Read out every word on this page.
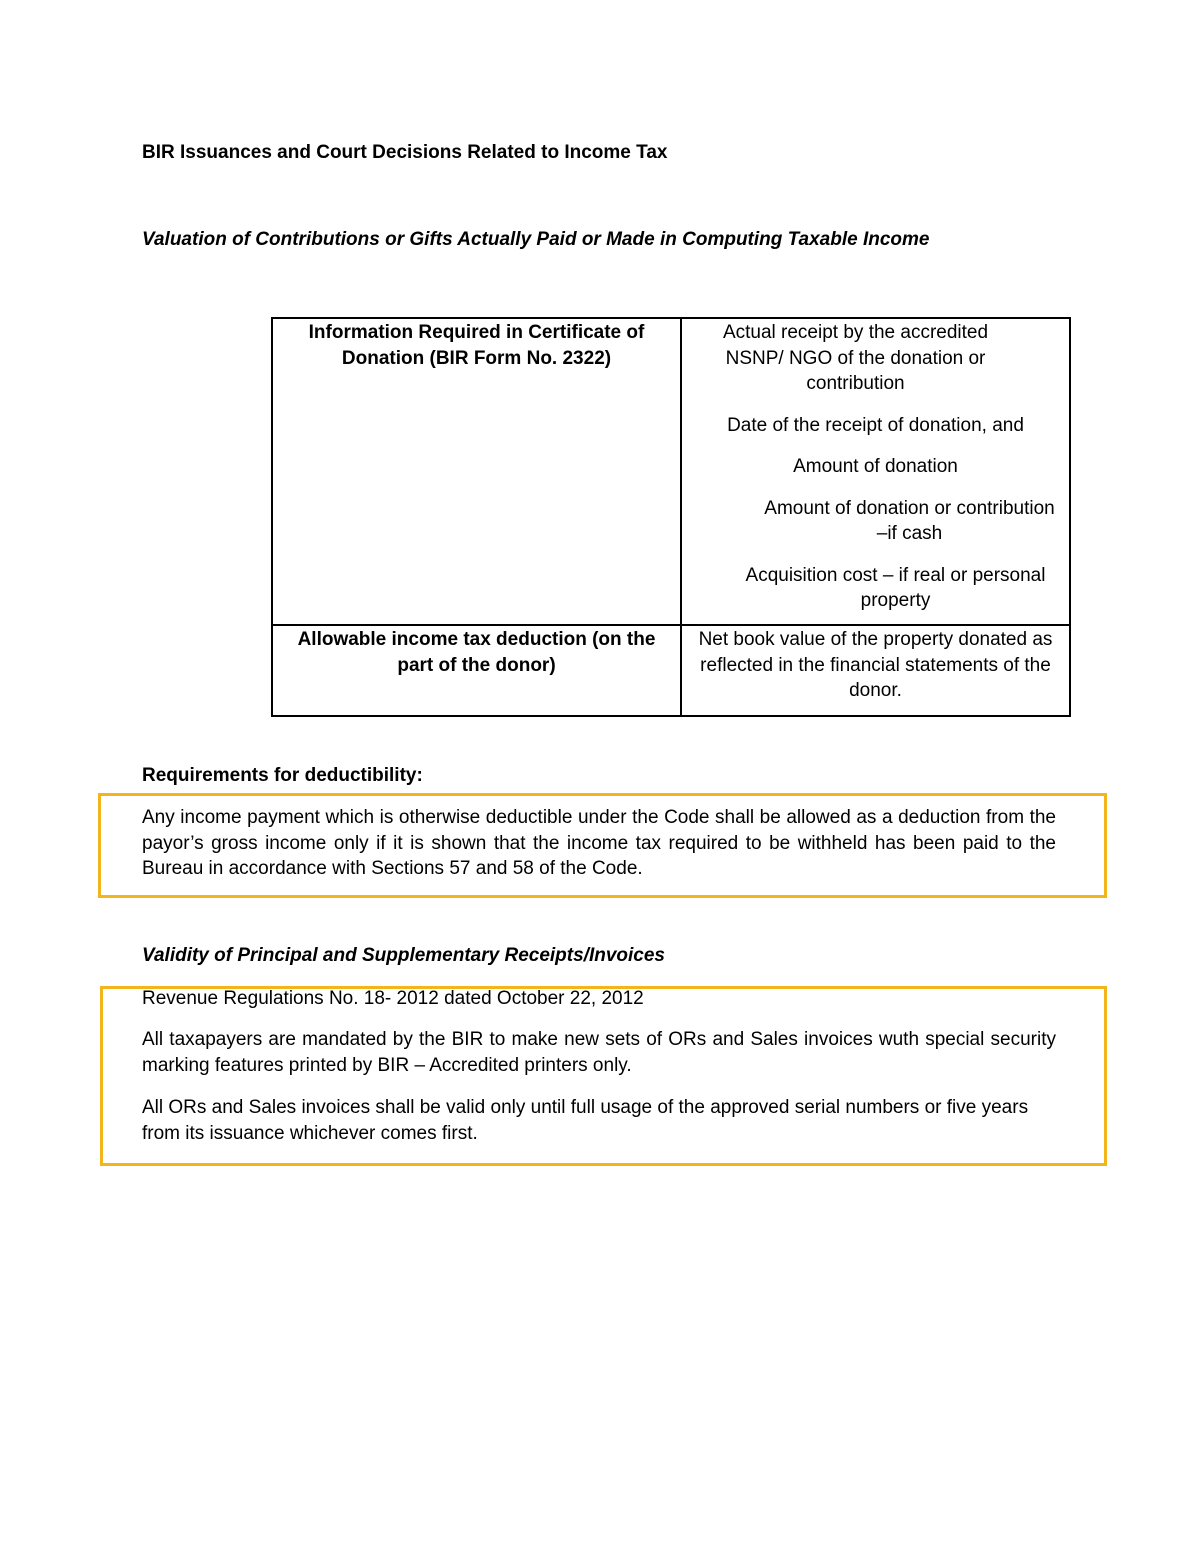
BIR Issuances and Court Decisions Related to Income Tax
Valuation of Contributions or Gifts Actually Paid or Made in Computing Taxable Income
Information Required in Certificate of Donation (BIR Form No. 2322)	Actual receipt by the accredited NSNP/ NGO of the donation or contribution

Date of the receipt of donation, and

Amount of donation

Amount of donation or contribution –if cash

Acquisition cost – if real or personal property

Allowable income tax deduction (on the part of the donor)	Net book value of the property donated as reflected in the financial statements of the donor.

Requirements for deductibility:

Any income payment which is otherwise deductible under the Code shall be allowed as a deduction from the payor’s gross income only if it is shown that the income tax required to be withheld has been paid to the Bureau in accordance with Sections 57 and 58 of the Code.

Validity of Principal and Supplementary Receipts/Invoices

Revenue Regulations No. 18- 2012 dated October 22, 2012

All taxapayers are mandated by the BIR to make new sets of ORs and Sales invoices wuth special security marking features printed by BIR – Accredited printers only.

All ORs and Sales invoices shall be valid only until full usage of the approved serial numbers or five years from its issuance whichever comes first.
